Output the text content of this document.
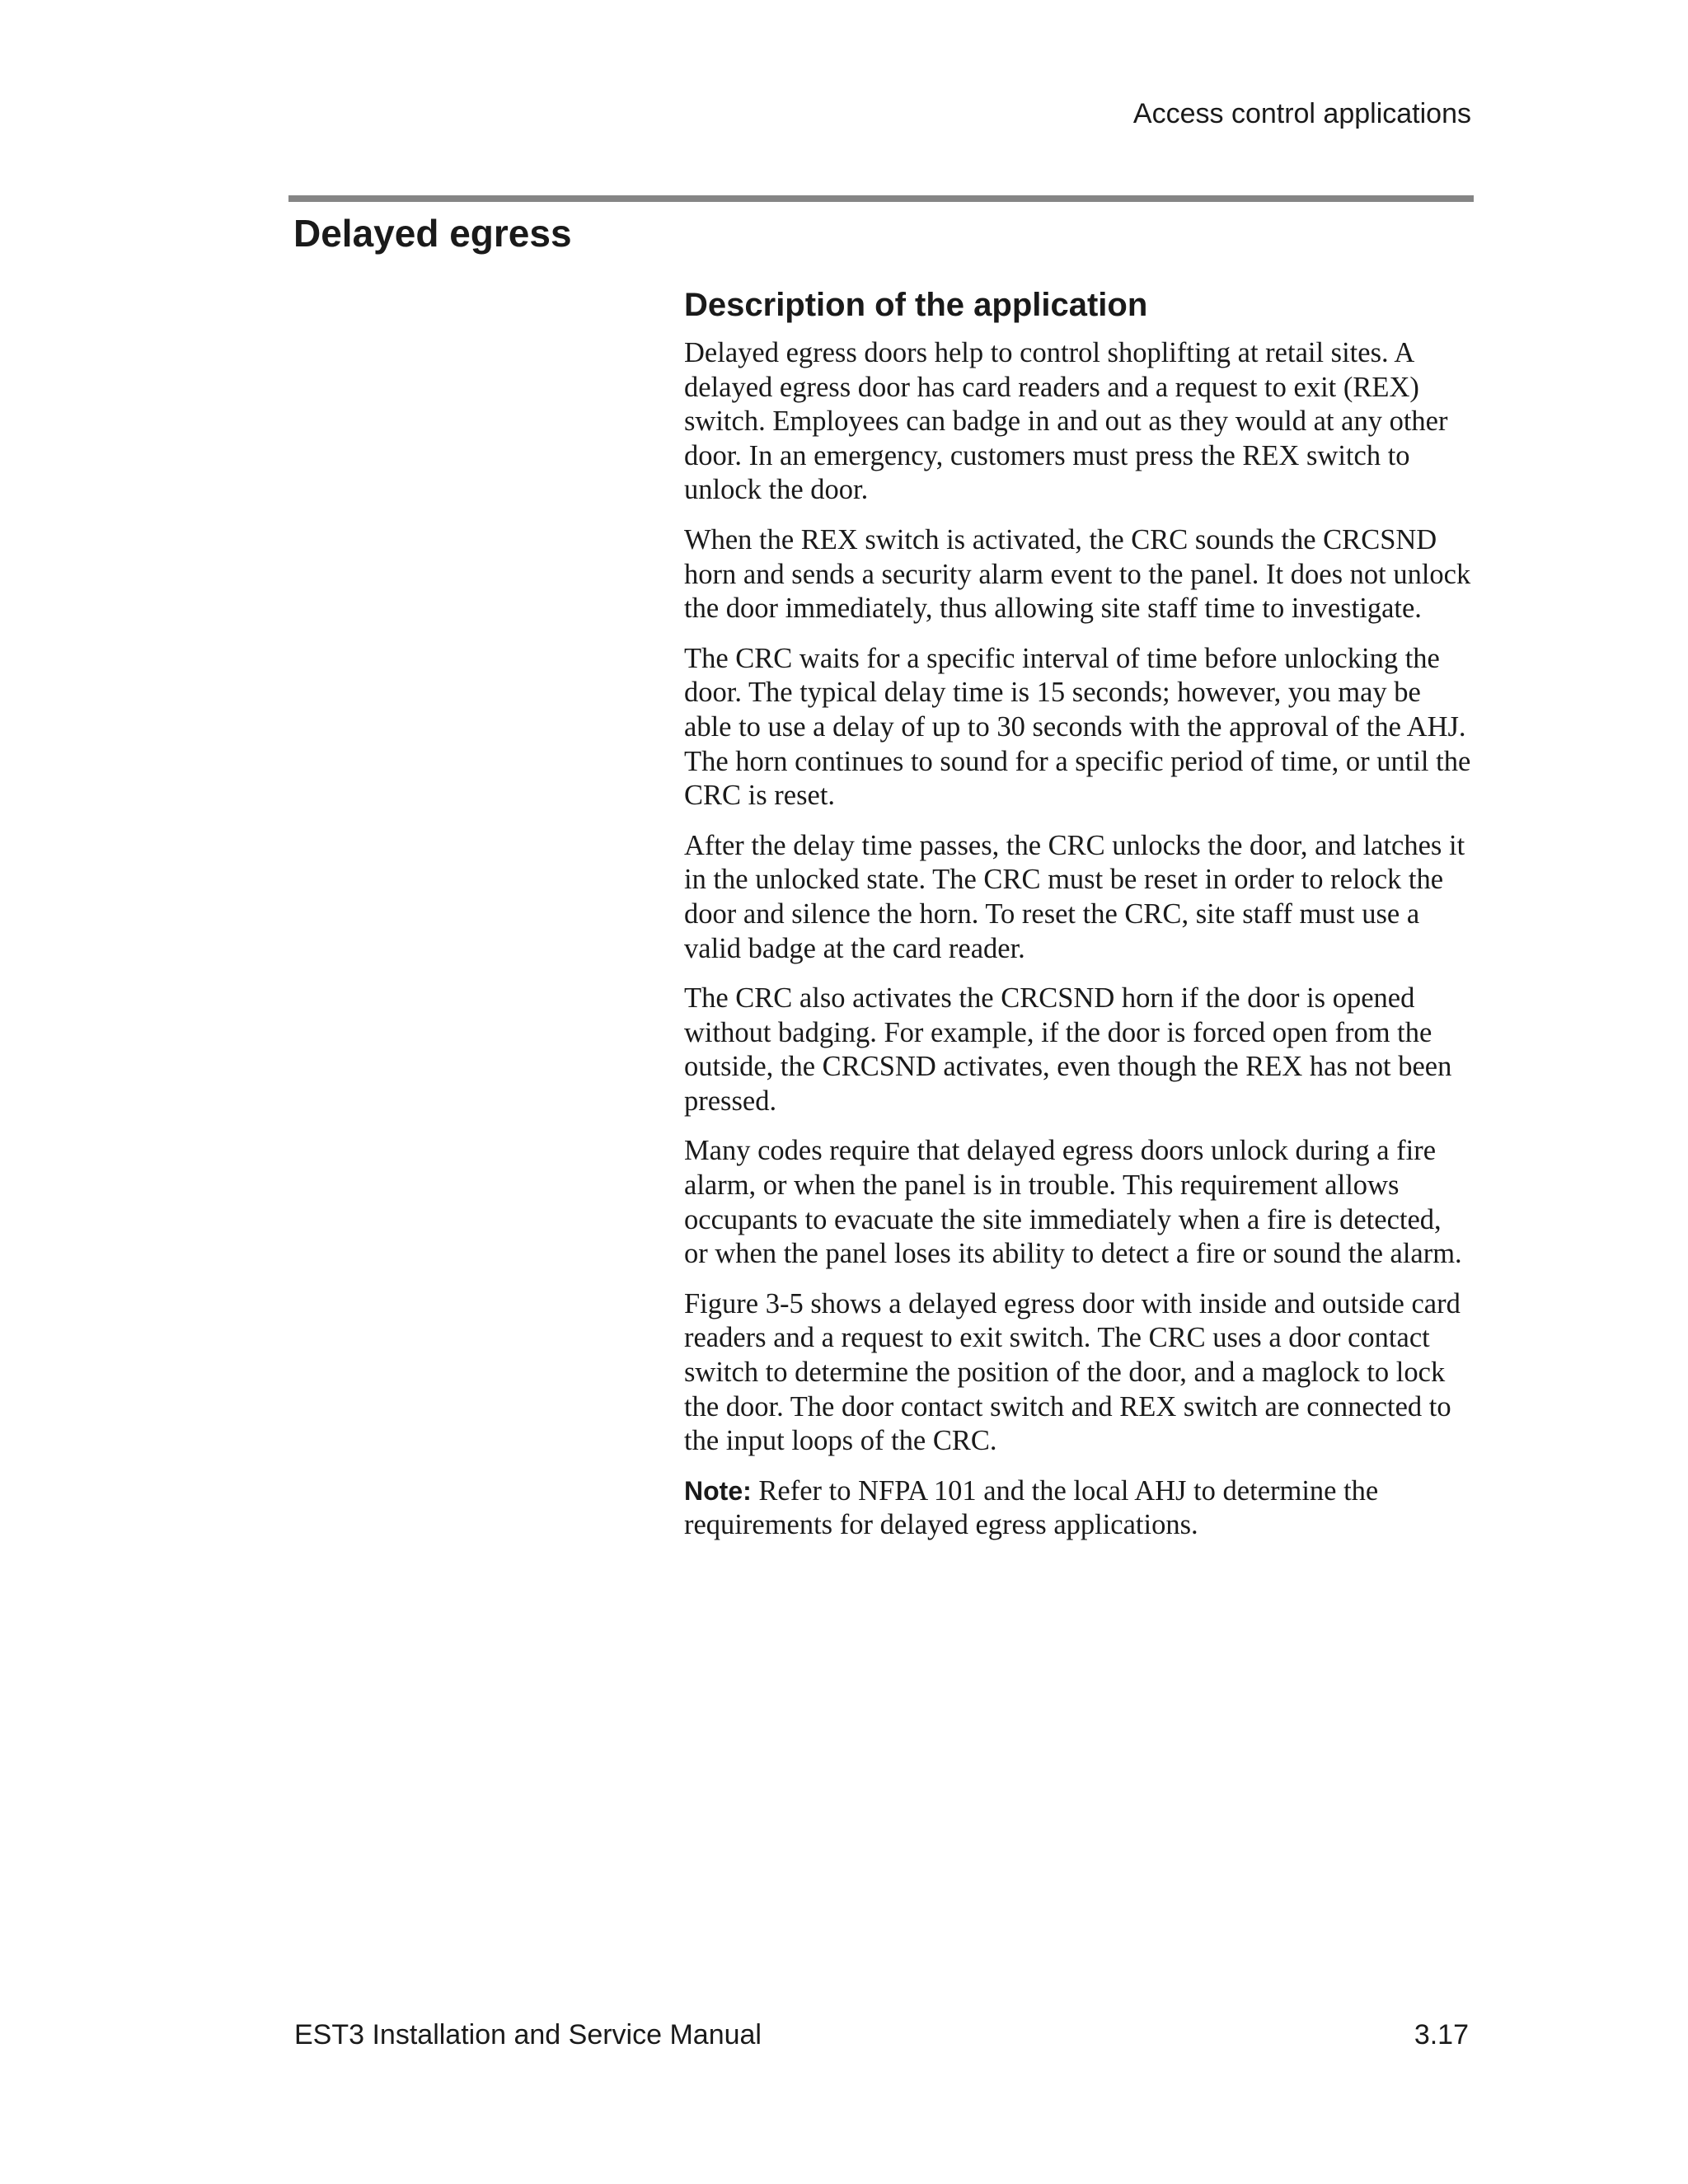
Access control applications
Delayed egress
Description of the application

Delayed egress doors help to control shoplifting at retail sites. A delayed egress door has card readers and a request to exit (REX) switch. Employees can badge in and out as they would at any other door. In an emergency, customers must press the REX switch to unlock the door.

When the REX switch is activated, the CRC sounds the CRCSND horn and sends a security alarm event to the panel. It does not unlock the door immediately, thus allowing site staff time to investigate.

The CRC waits for a specific interval of time before unlocking the door. The typical delay time is 15 seconds; however, you may be able to use a delay of up to 30 seconds with the approval of the AHJ. The horn continues to sound for a specific period of time, or until the CRC is reset.

After the delay time passes, the CRC unlocks the door, and latches it in the unlocked state. The CRC must be reset in order to relock the door and silence the horn. To reset the CRC, site staff must use a valid badge at the card reader.

The CRC also activates the CRCSND horn if the door is opened without badging. For example, if the door is forced open from the outside, the CRCSND activates, even though the REX has not been pressed.

Many codes require that delayed egress doors unlock during a fire alarm, or when the panel is in trouble. This requirement allows occupants to evacuate the site immediately when a fire is detected, or when the panel loses its ability to detect a fire or sound the alarm.

Figure 3-5 shows a delayed egress door with inside and outside card readers and a request to exit switch. The CRC uses a door contact switch to determine the position of the door, and a maglock to lock the door. The door contact switch and REX switch are connected to the input loops of the CRC.

Note: Refer to NFPA 101 and the local AHJ to determine the requirements for delayed egress applications.

EST3 Installation and Service Manual	3.17
